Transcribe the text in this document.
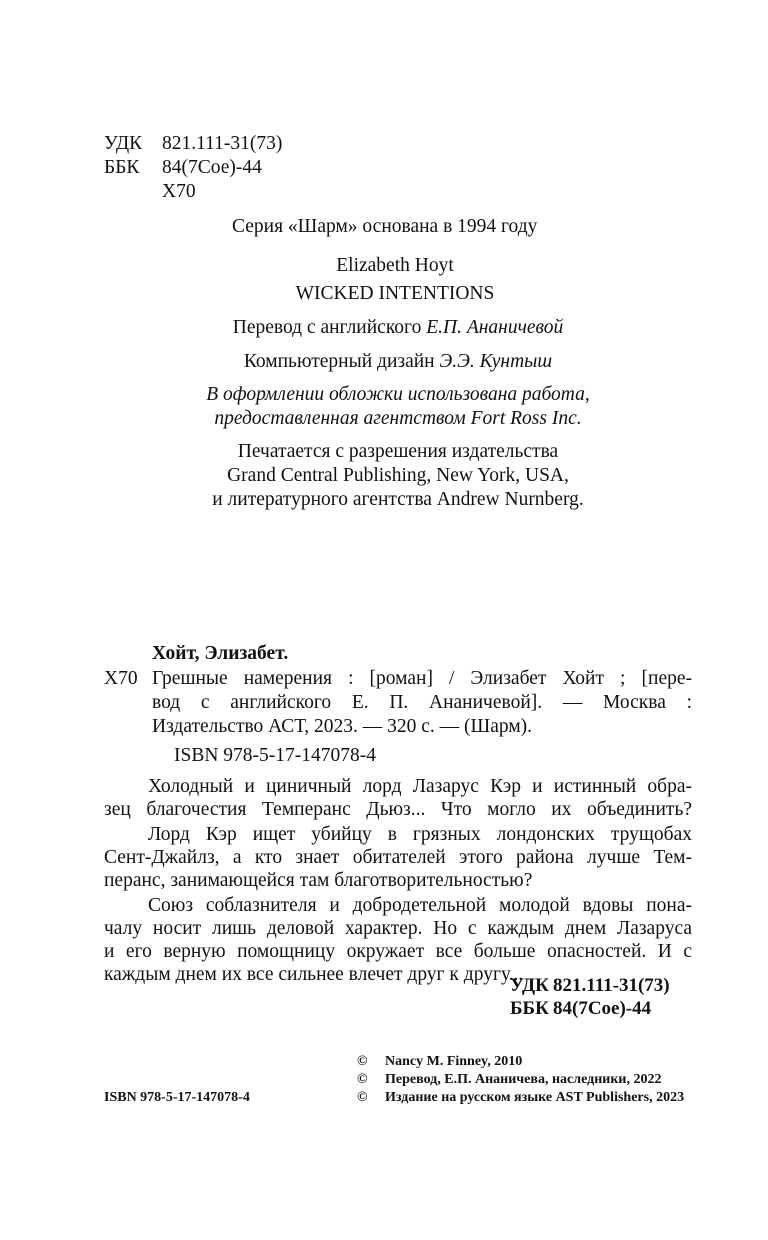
УДК 821.111-31(73)
ББК 84(7Сое)-44
Х70
Серия «Шарм» основана в 1994 году
Elizabeth Hoyt
WICKED INTENTIONS
Перевод с английского Е.П. Ананичевой
Компьютерный дизайн Э.Э. Кунтыш
В оформлении обложки использована работа,
предоставленная агентством Fort Ross Inc.
Печатается с разрешения издательства
Grand Central Publishing, New York, USA,
и литературного агентства Andrew Nurnberg.
Хойт, Элизабет.
Х70 Грешные намерения : [роман] / Элизабет Хойт ; [пере-
вод с английского Е. П. Ананичевой]. — Москва :
Издательство АСТ, 2023. — 320 с. — (Шарм).
ISBN 978-5-17-147078-4
Холодный и циничный лорд Лазарус Кэр и истинный обра-
зец благочестия Темперанс Дьюз... Что могло их объединить?
Лорд Кэр ищет убийцу в грязных лондонских трущобах
Сент-Джайлз, а кто знает обитателей этого района лучше Тем-
перанс, занимающейся там благотворительностью?
Союз соблазнителя и добродетельной молодой вдовы пона-
чалу носит лишь деловой характер. Но с каждым днем Лазаруса
и его верную помощницу окружает все больше опасностей. И с
каждым днем их все сильнее влечет друг к другу...
УДК 821.111-31(73)
ББК 84(7Сое)-44
© Nancy M. Finney, 2010
© Перевод, Е.П. Ананичева, наследники, 2022
© Издание на русском языке AST Publishers, 2023
ISBN 978-5-17-147078-4
